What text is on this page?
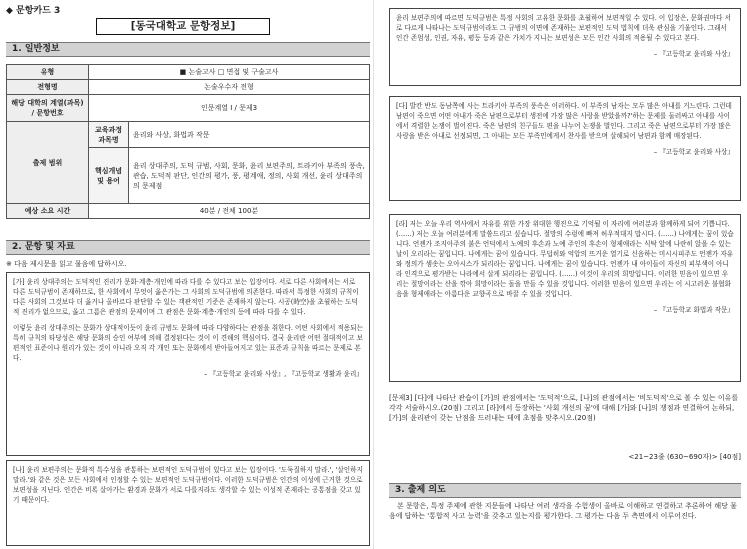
◆ 문항카드 3
[동국대학교 문항정보]
1. 일반정보
유형	■ 논술고사 □ 면접 및 구술고사	
전형명	논술우수자 전형	
해당 대학의 계열(과목) / 문항번호	인문계열 I / 문제3	
출제 범위	교육과정 과목명	윤리와 사상, 화법과 작문
	핵심개념 및 용어	윤리 상대주의, 도덕 규범, 사회, 문화, 윤리 보편주의, 트라키아 부족의 풍속, 관습, 도덕적 판단, 인간의 평가, 풍, 평계애, 정의, 사회 개선, 윤리 상대주의의 문제점
예상 소요 시간	40분 / 전체 100분	
2. 문항 및 자료
※ 다음 제시문을 읽고 물음에 답하시오.

[가] 윤리 상대주의는 도덕적인 진리가 문화·계층·개인에 따라 다를 수 있다고 보는 입장이다. 서로 다른 사회에서는 서로 다른 도덕규범이 존재하므로, 한 사회에서 무엇이 옳은가는 그 사회의 도덕규범에 의존한다. 따라서 특정한 사회의 규칙이 다른 사회의 그것보다 더 옳거나 올바르다 판단할 수 있는 객관적인 기준은 존재하지 않는다. 시공(時空)을 초월하는 도덕적 진리가 없으므로, 옳고 그름은 관점의 문제이며 그 관점은 문화·계층·개인의 등에 따라 다를 수 있다.

이렇듯 윤리 상대주의는 문화가 상대적이듯이 윤리 규범도 문화에 따라 다양하다는 관점을 취한다. 어떤 사회에서 적용되는 특히 규칙의 타당성은 해당 문화의 승인 여부에 의해 결정된다는 것이 이 견해의 핵심이다. 결국 윤리란 어떤 절대적이고 보편적인 표준이나 원리가 있는 것이 아니라 오직 각 개인 또는 문화에서 받아들여지고 있는 표준과 규칙을 따르는 문제로 본다.

– 『고등학교 윤리와 사상』, 『고등학교 생활과 윤리』

[나] 윤리 보편주의는 문화적 특수성을 관통하는 보편적인 도덕규범이 있다고 보는 입장이다. '도둑질하지 말라.', '살인하지 말라.'와 같은 것은 모든 사회에서 인정할 수 있는 보편적인 도덕규범이다. 이러한 도덕규범은 인간의 이성에 근거한 것으로 보편성을 지닌다. 인간은 비록 살아가는 환경과 문화가 서로 다를지라도 생각할 수 있는 이성적 존재라는 공통점을 갖고 있기 때문이다.

윤리 보편주의에 따르면 도덕규범은 특정 사회의 고유한 문화를 초월하여 보편적일 수 있다. 이 입장은, 문화권마다 서로 다르게 나타나는 도덕규범이라도 그 규범의 이면에 존재하는 보편적인 도덕 법칙에 더욱 관심을 기울인다. 그래서 인간 존엄성, 인권, 자유, 평등 등과 같은 가치가 지니는 보편성은 모든 인간 사회의 적용될 수 있다고 본다.

– 『고등학교 윤리와 사상』

[다] 발칸 반도 동남쪽에 사는 트라키아 부족의 풍속은 이러하다. 이 부족의 남자는 모두 많은 아내를 거느린다. 그런데 남편이 죽으면 어떤 아내가 죽은 남편으로부터 생전에 가장 많은 사랑을 받았을까?'하는 문제를 둘러싸고 아내를 사이에서 격렬한 논쟁이 벌어진다. 죽은 남편의 친구들도 편을 나누어 논쟁을 벌인다. 그리고 죽은 남편으로부터 가장 많은 사랑을 받은 아내로 선정되면, 그 아내는 모든 부족민에게서 찬사를 받으며 살해되어 남편과 함께 매장된다.

– 『고등학교 윤리와 사상』

[라] 저는 오늘 우리 역사에서 자유를 위한 가장 위대한 행진으로 기억될 이 자리에 여러분과 함께하게 되어 기쁩니다. (……) 저는 오늘 여러분에게 말씀드리고 싶습니다. 절망의 수렁에 빠져 허우적대지 맙시다. (……) 나에게는 꿈이 있습니다. 언젠가 조지아주의 붉은 언덕에서 노예의 후손과 노예 주인의 후손이 형제애라는 식탁 앞에 나란히 앉을 수 있는 날이 오리라는 꿈입니다. 나에게는 꿈이 있습니다. 무덥히와 억압의 뜨거운 열기로 신음하는 미시시피주도 언젠가 자유와 정의가 샘솟는 오아시스가 되리라는 꿈입니다. 나에게는 꿈이 있습니다. 언젠가 내 아이들이 자신의 피부색이 아니라 인격으로 평가받는 나라에서 살게 되리라는 꿈입니다. (……) 이것이 우리의 희망입니다. 이러한 믿음이 있으면 우리는 절망이라는 산을 깎아 희망이라는 돌을 만들 수 있을 것입니다. 이러한 믿음이 있으면 우리는 이 시고러운 불협화음을 형제애라는 아름다운 교향곡으로 바꿀 수 있을 것입니다.

– 『고등학교 화법과 작문』
[문제3] [다]에 나타난 관습이 [가]의 관점에서는 '도덕적'으로, [나]의 관점에서는 '비도덕적'으로 볼 수 있는 이유를 각각 서술하시오.(20점) 그리고 [라]에서 등장하는 '사회 개선의 꿈'에 대해 [가]와 [나]의 쟁점과 연결하여 논하되, [가]의 윤리관이 갖는 난점을 드러내는 데에 초점을 맞추시오.(20점)
<21~23줄 (630~690자)> [40점]
3. 출제 의도
본 문항은, 특정 주제에 관한 지문들에 나타난 여러 생각을 수험생이 올바로 이해하고 연결하고 추론하여 해당 물음에 답하는 '통합적 사고 능력'을 갖추고 있는지를 평가한다. 그 평가는 다음 두 측면에서 이루어진다.
